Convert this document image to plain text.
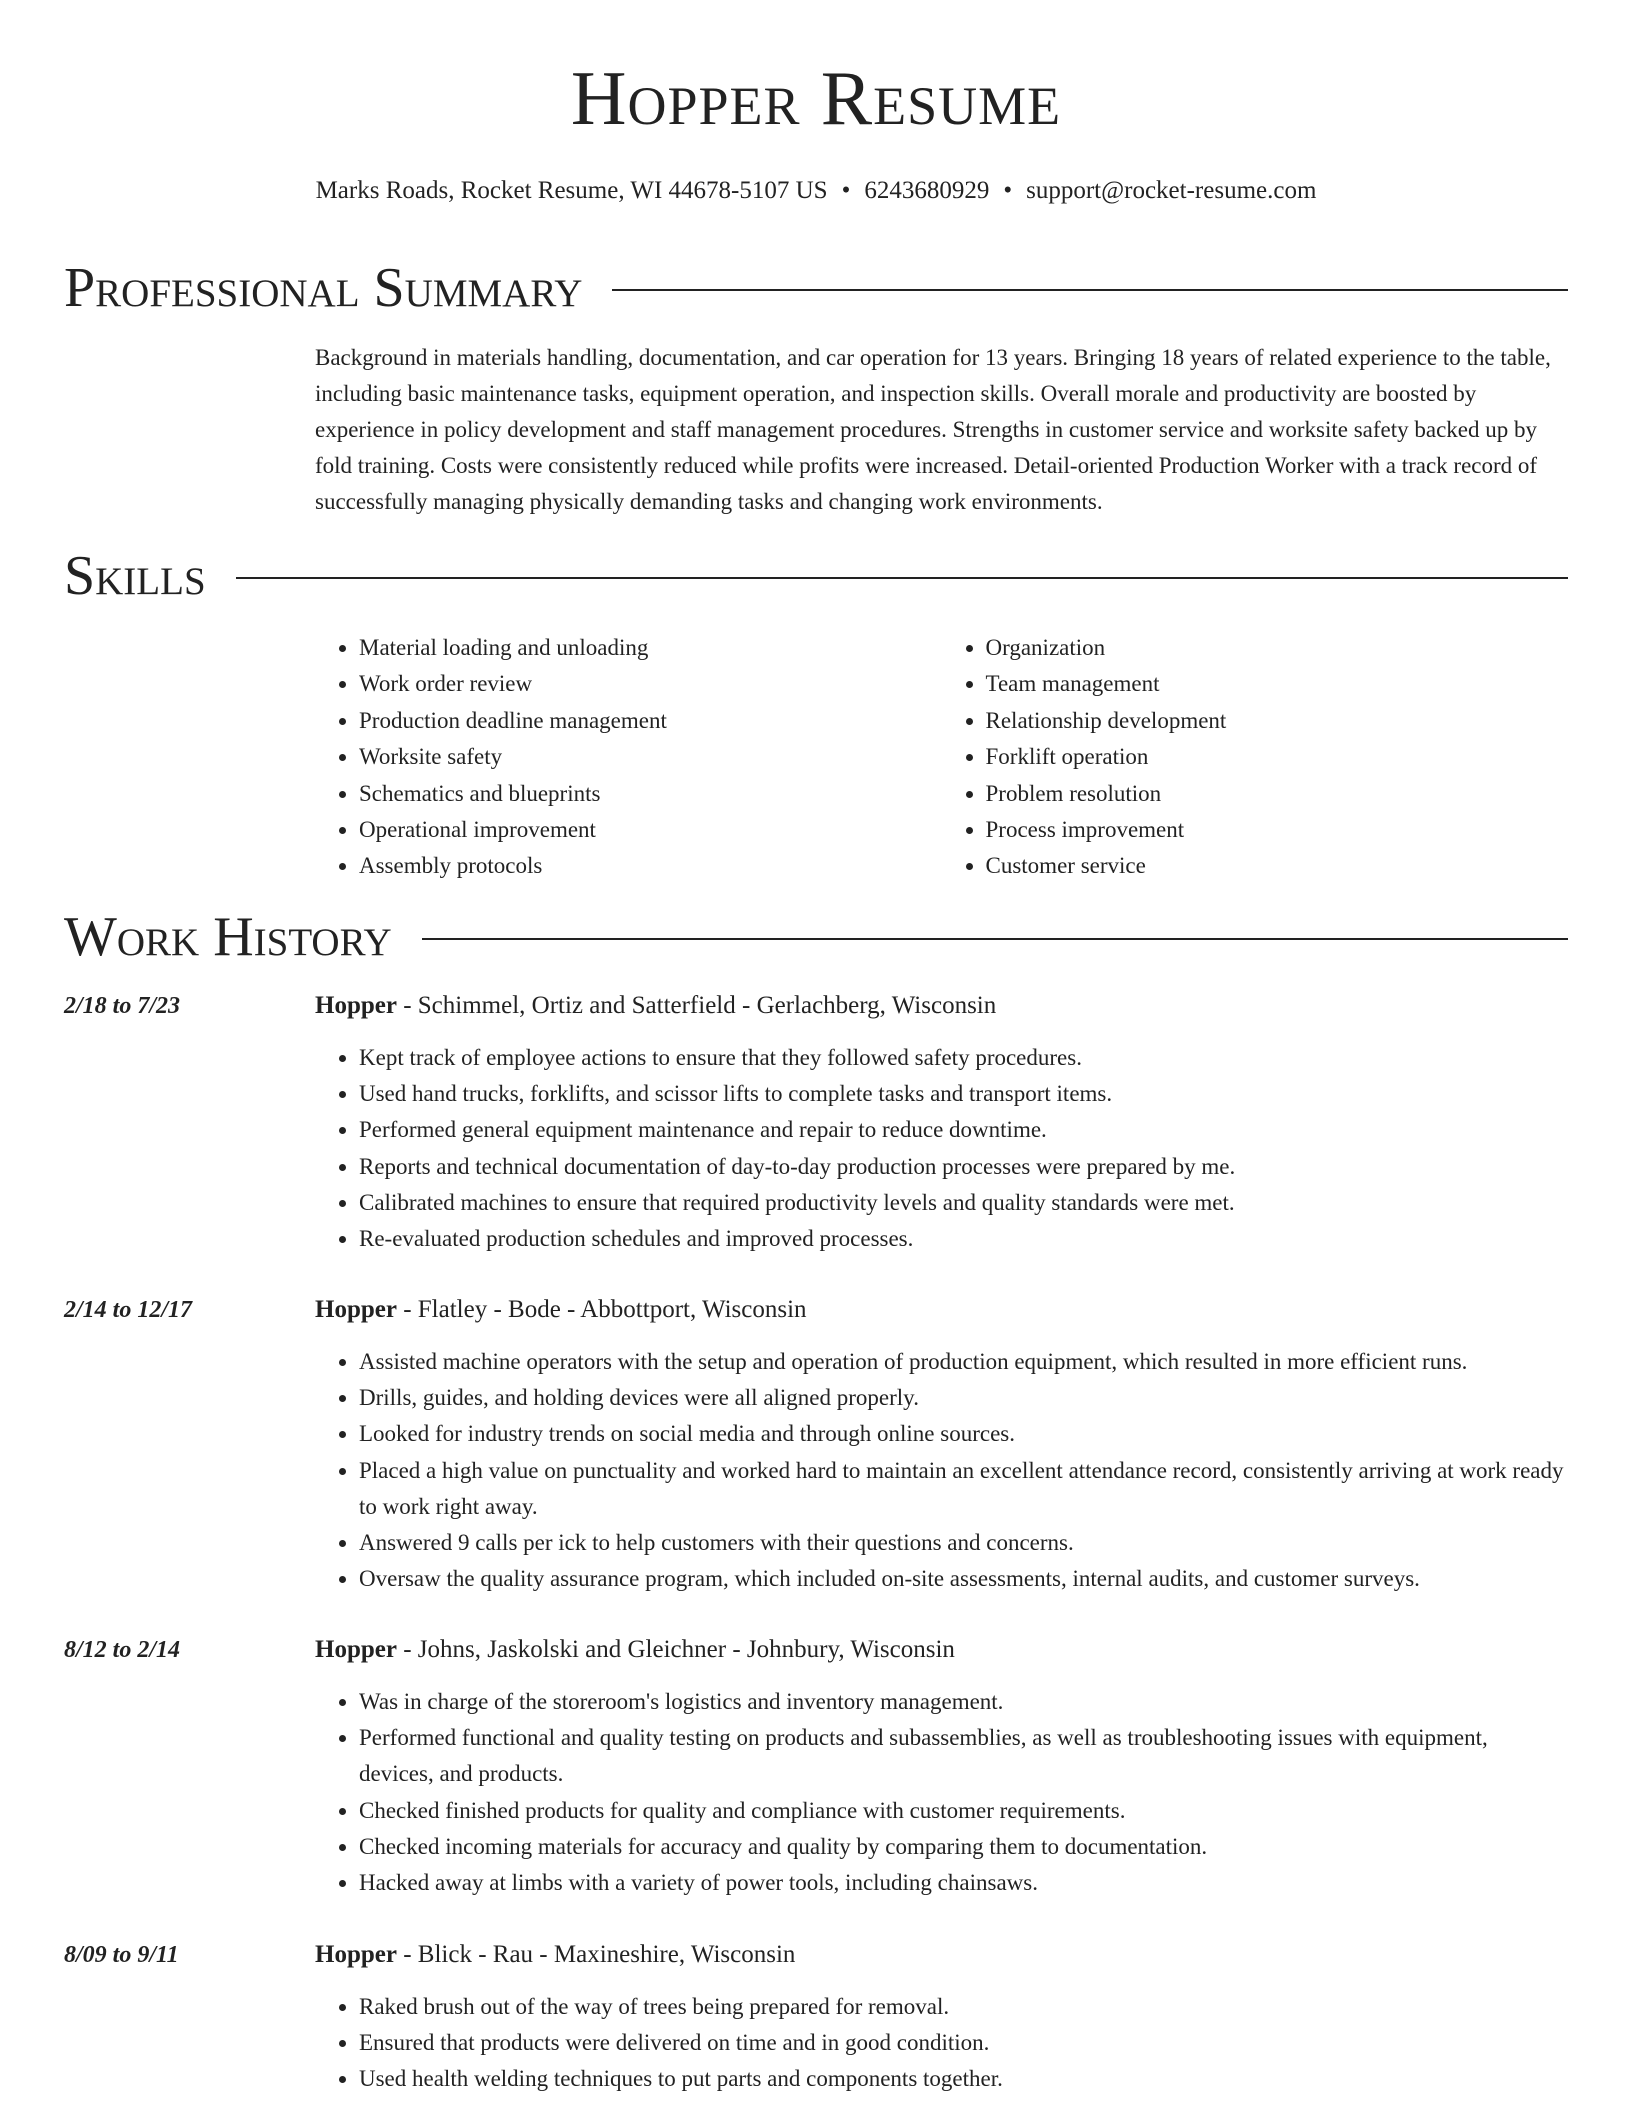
Hopper Resume
Marks Roads, Rocket Resume, WI 44678-5107 US • 6243680929 • support@rocket-resume.com
Professional Summary

Background in materials handling, documentation, and car operation for 13 years. Bringing 18 years of related experience to the table, including basic maintenance tasks, equipment operation, and inspection skills. Overall morale and productivity are boosted by experience in policy development and staff management procedures. Strengths in customer service and worksite safety backed up by fold training. Costs were consistently reduced while profits were increased. Detail-oriented Production Worker with a track record of successfully managing physically demanding tasks and changing work environments.

Skills
• Material loading and unloading
• Work order review
• Production deadline management
• Worksite safety
• Schematics and blueprints
• Operational improvement
• Assembly protocols
• Organization
• Team management
• Relationship development
• Forklift operation
• Problem resolution
• Process improvement
• Customer service
Work History
2/18 to 7/23	Hopper - Schimmel, Ortiz and Satterfield - Gerlachberg, Wisconsin
• Kept track of employee actions to ensure that they followed safety procedures.
• Used hand trucks, forklifts, and scissor lifts to complete tasks and transport items.
• Performed general equipment maintenance and repair to reduce downtime.
• Reports and technical documentation of day-to-day production processes were prepared by me.
• Calibrated machines to ensure that required productivity levels and quality standards were met.
• Re-evaluated production schedules and improved processes.
2/14 to 12/17	Hopper - Flatley - Bode - Abbottport, Wisconsin
• Assisted machine operators with the setup and operation of production equipment, which resulted in more efficient runs.
• Drills, guides, and holding devices were all aligned properly.
• Looked for industry trends on social media and through online sources.
• Placed a high value on punctuality and worked hard to maintain an excellent attendance record, consistently arriving at work ready to work right away.
• Answered 9 calls per ick to help customers with their questions and concerns.
• Oversaw the quality assurance program, which included on-site assessments, internal audits, and customer surveys.
8/12 to 2/14	Hopper - Johns, Jaskolski and Gleichner - Johnbury, Wisconsin
• Was in charge of the storeroom's logistics and inventory management.
• Performed functional and quality testing on products and subassemblies, as well as troubleshooting issues with equipment, devices, and products.
• Checked finished products for quality and compliance with customer requirements.
• Checked incoming materials for accuracy and quality by comparing them to documentation.
• Hacked away at limbs with a variety of power tools, including chainsaws.
8/09 to 9/11	Hopper - Blick - Rau - Maxineshire, Wisconsin
• Raked brush out of the way of trees being prepared for removal.
• Ensured that products were delivered on time and in good condition.
• Used health welding techniques to put parts and components together.
